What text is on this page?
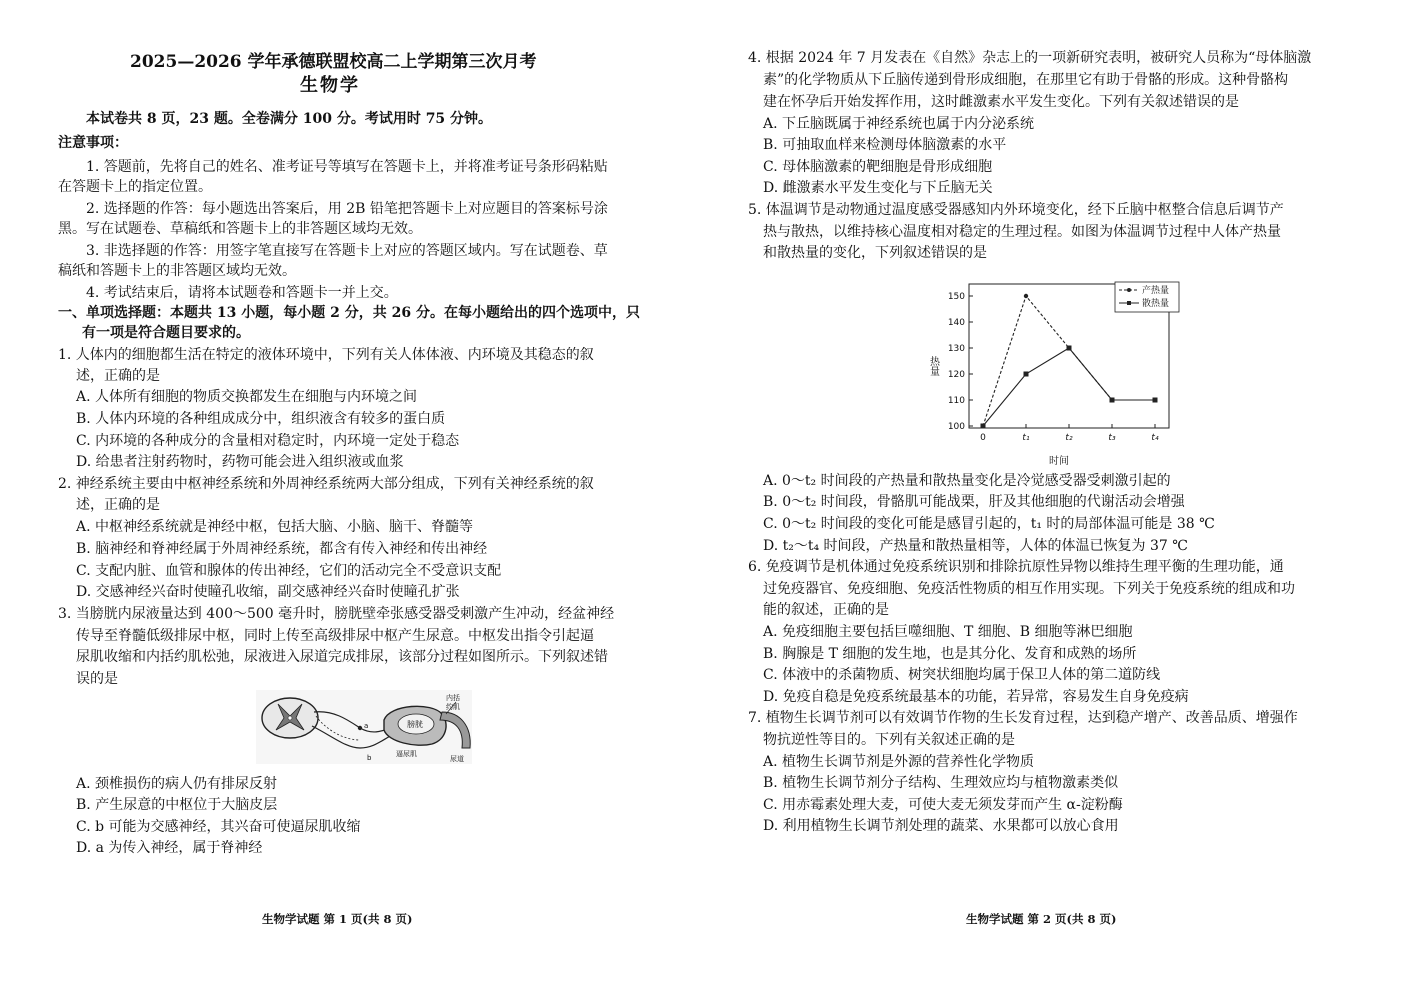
2025—2026 学年承德联盟校高二上学期第三次月考
生物学
本试卷共 8 页，23 题。全卷满分 100 分。考试用时 75 分钟。
注意事项：
1. 答题前，先将自己的姓名、准考证号等填写在答题卡上，并将准考证号条形码粘贴
在答题卡上的指定位置。
2. 选择题的作答：每小题选出答案后，用 2B 铅笔把答题卡上对应题目的答案标号涂
黑。写在试题卷、草稿纸和答题卡上的非答题区域均无效。
3. 非选择题的作答：用签字笔直接写在答题卡上对应的答题区域内。写在试题卷、草
稿纸和答题卡上的非答题区域均无效。
4. 考试结束后，请将本试题卷和答题卡一并上交。
一、单项选择题：本题共 13 小题，每小题 2 分，共 26 分。在每小题给出的四个选项中，只
有一项是符合题目要求的。
1. 人体内的细胞都生活在特定的液体环境中，下列有关人体体液、内环境及其稳态的叙
述，正确的是
A. 人体所有细胞的物质交换都发生在细胞与内环境之间
B. 人体内环境的各种组成成分中，组织液含有较多的蛋白质
C. 内环境的各种成分的含量相对稳定时，内环境一定处于稳态
D. 给患者注射药物时，药物可能会进入组织液或血浆
2. 神经系统主要由中枢神经系统和外周神经系统两大部分组成，下列有关神经系统的叙
述，正确的是
A. 中枢神经系统就是神经中枢，包括大脑、小脑、脑干、脊髓等
B. 脑神经和脊神经属于外周神经系统，都含有传入神经和传出神经
C. 支配内脏、血管和腺体的传出神经，它们的活动完全不受意识支配
D. 交感神经兴奋时使瞳孔收缩，副交感神经兴奋时使瞳孔扩张
3. 当膀胱内尿液量达到 400～500 毫升时，膀胱壁牵张感受器受刺激产生冲动，经盆神经
传导至脊髓低级排尿中枢，同时上传至高级排尿中枢产生尿意。中枢发出指令引起逼
尿肌收缩和内括约肌松弛，尿液进入尿道完成排尿，该部分过程如图所示。下列叙述错
误的是
a
b
膀胱
内括
约肌
逼尿肌
尿道
A. 颈椎损伤的病人仍有排尿反射
B. 产生尿意的中枢位于大脑皮层
C. b 可能为交感神经，其兴奋可使逼尿肌收缩
D. a 为传入神经，属于脊神经
生物学试题 第 1 页(共 8 页)
4. 根据 2024 年 7 月发表在《自然》杂志上的一项新研究表明，被研究人员称为“母体脑激
素”的化学物质从下丘脑传递到骨形成细胞，在那里它有助于骨骼的形成。这种骨骼构
建在怀孕后开始发挥作用，这时雌激素水平发生变化。下列有关叙述错误的是
A. 下丘脑既属于神经系统也属于内分泌系统
B. 可抽取血样来检测母体脑激素的水平
C. 母体脑激素的靶细胞是骨形成细胞
D. 雌激素水平发生变化与下丘脑无关
5. 体温调节是动物通过温度感受器感知内外环境变化，经下丘脑中枢整合信息后调节产
热与散热，以维持核心温度相对稳定的生理过程。如图为体温调节过程中人体产热量
和散热量的变化，下列叙述错误的是
100
110
120
130
140
150
0	t₁	t₂	t₃	t₄
热量
时间
产热量
散热量
A. 0～t₂ 时间段的产热量和散热量变化是冷觉感受器受刺激引起的
B. 0～t₂ 时间段，骨骼肌可能战栗，肝及其他细胞的代谢活动会增强
C. 0～t₂ 时间段的变化可能是感冒引起的，t₁ 时的局部体温可能是 38 ℃
D. t₂～t₄ 时间段，产热量和散热量相等，人体的体温已恢复为 37 ℃
6. 免疫调节是机体通过免疫系统识别和排除抗原性异物以维持生理平衡的生理功能，通
过免疫器官、免疫细胞、免疫活性物质的相互作用实现。下列关于免疫系统的组成和功
能的叙述，正确的是
A. 免疫细胞主要包括巨噬细胞、T 细胞、B 细胞等淋巴细胞
B. 胸腺是 T 细胞的发生地，也是其分化、发育和成熟的场所
C. 体液中的杀菌物质、树突状细胞均属于保卫人体的第二道防线
D. 免疫自稳是免疫系统最基本的功能，若异常，容易发生自身免疫病
7. 植物生长调节剂可以有效调节作物的生长发育过程，达到稳产增产、改善品质、增强作
物抗逆性等目的。下列有关叙述正确的是
A. 植物生长调节剂是外源的营养性化学物质
B. 植物生长调节剂分子结构、生理效应均与植物激素类似
C. 用赤霉素处理大麦，可使大麦无须发芽而产生 α-淀粉酶
D. 利用植物生长调节剂处理的蔬菜、水果都可以放心食用
生物学试题 第 2 页(共 8 页)
